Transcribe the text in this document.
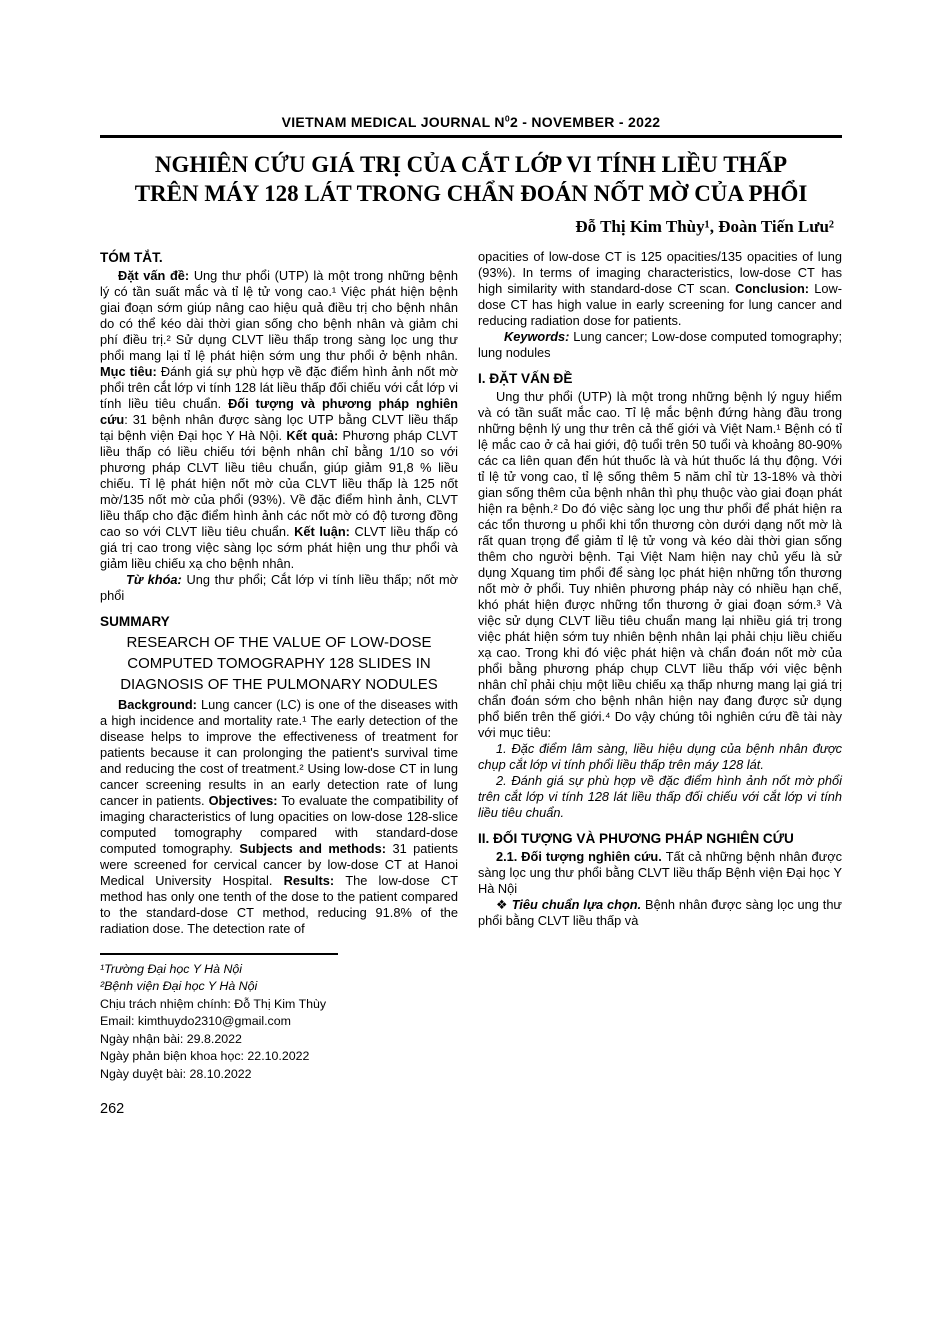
VIETNAM MEDICAL JOURNAL $N^02$ - NOVEMBER - 2022
NGHIÊN CỨU GIÁ TRỊ CỦA CẮT LỚP VI TÍNH LIỀU THẤP
TRÊN MÁY 128 LÁT TRONG CHẨN ĐOÁN NỐT MỜ CỦA PHỔI
Đỗ Thị Kim Thùy¹, Đoàn Tiến Lưu²
TÓM TẮT.

Đặt vấn đề: Ung thư phổi (UTP) là một trong những bệnh lý có tần suất mắc và tỉ lệ tử vong cao.¹ Việc phát hiện bệnh giai đoạn sớm giúp nâng cao hiệu quả điều trị cho bệnh nhân do có thể kéo dài thời gian sống cho bệnh nhân và giảm chi phí điều trị.² Sử dụng CLVT liều thấp trong sàng lọc ung thư phổi mang lại tỉ lệ phát hiện sớm ung thư phổi ở bệnh nhân. Mục tiêu: Đánh giá sự phù hợp về đặc điểm hình ảnh nốt mờ phổi trên cắt lớp vi tính 128 lát liều thấp đối chiếu với cắt lớp vi tính liều tiêu chuẩn. Đối tượng và phương pháp nghiên cứu: 31 bệnh nhân được sàng lọc UTP bằng CLVT liều thấp tại bệnh viện Đại học Y Hà Nội. Kết quả: Phương pháp CLVT liều thấp có liều chiếu tới bệnh nhân chỉ bằng 1/10 so với phương pháp CLVT liều tiêu chuẩn, giúp giảm 91,8 % liều chiếu. Tỉ lệ phát hiện nốt mờ của CLVT liều thấp là 125 nốt mờ/135 nốt mờ của phổi (93%). Về đặc điểm hình ảnh, CLVT liều thấp cho đặc điểm hình ảnh các nốt mờ có độ tương đồng cao so với CLVT liều tiêu chuẩn. Kết luận: CLVT liều thấp có giá trị cao trong việc sàng lọc sớm phát hiện ung thư phổi và giảm liều chiếu xạ cho bệnh nhân.

Từ khóa: Ung thư phổi; Cắt lớp vi tính liều thấp; nốt mờ phổi

SUMMARY
RESEARCH OF THE VALUE OF LOW-DOSE COMPUTED TOMOGRAPHY 128 SLIDES IN DIAGNOSIS OF THE PULMONARY NODULES

Background: Lung cancer (LC) is one of the diseases with a high incidence and mortality rate.¹ The early detection of the disease helps to improve the effectiveness of treatment for patients because it can prolonging the patient's survival time and reducing the cost of treatment.² Using low-dose CT in lung cancer screening results in an early detection rate of lung cancer in patients. Objectives: To evaluate the compatibility of imaging characteristics of lung opacities on low-dose 128-slice computed tomography compared with standard-dose computed tomography. Subjects and methods: 31 patients were screened for cervical cancer by low-dose CT at Hanoi Medical University Hospital. Results: The low-dose CT method has only one tenth of the dose to the patient compared to the standard-dose CT method, reducing 91.8% of the radiation dose. The detection rate of

¹Trường Đại học Y Hà Nội
²Bệnh viện Đại học Y Hà Nội
Chịu trách nhiệm chính: Đỗ Thị Kim Thùy
Email: kimthuydo2310@gmail.com
Ngày nhận bài: 29.8.2022
Ngày phản biện khoa học: 22.10.2022
Ngày duyệt bài: 28.10.2022

opacities of low-dose CT is 125 opacities/135 opacities of lung (93%). In terms of imaging characteristics, low-dose CT has high similarity with standard-dose CT scan. Conclusion: Low-dose CT has high value in early screening for lung cancer and reducing radiation dose for patients.

Keywords: Lung cancer; Low-dose computed tomography; lung nodules

I. ĐẶT VẤN ĐỀ

Ung thư phổi (UTP) là một trong những bệnh lý nguy hiểm và có tần suất mắc cao. Tỉ lệ mắc bệnh đứng hàng đầu trong những bệnh lý ung thư trên cả thế giới và Việt Nam.¹ Bệnh có tỉ lệ mắc cao ở cả hai giới, độ tuổi trên 50 tuổi và khoảng 80-90% các ca liên quan đến hút thuốc là và hút thuốc lá thụ động. Với tỉ lệ tử vong cao, tỉ lệ sống thêm 5 năm chỉ từ 13-18% và thời gian sống thêm của bệnh nhân thì phụ thuộc vào giai đoạn phát hiện ra bệnh.² Do đó việc sàng lọc ung thư phổi để phát hiện ra các tổn thương u phổi khi tổn thương còn dưới dạng nốt mờ là rất quan trọng để giảm tỉ lệ tử vong và kéo dài thời gian sống thêm cho người bệnh. Tại Việt Nam hiện nay chủ yếu là sử dụng Xquang tim phổi để sàng lọc phát hiện những tổn thương nốt mờ ở phổi. Tuy nhiên phương pháp này có nhiều hạn chế, khó phát hiện được những tổn thương ở giai đoạn sớm.³ Và việc sử dụng CLVT liều tiêu chuẩn mang lại nhiều giá trị trong việc phát hiện sớm tuy nhiên bệnh nhân lại phải chịu liều chiếu xạ cao. Trong khi đó việc phát hiện và chẩn đoán nốt mờ của phổi bằng phương pháp chụp CLVT liều thấp với việc bệnh nhân chỉ phải chịu một liều chiếu xạ thấp nhưng mang lại giá trị chẩn đoán sớm cho bệnh nhân hiện nay đang được sử dụng phổ biến trên thế giới.⁴ Do vậy chúng tôi nghiên cứu đề tài này với mục tiêu:

1. Đặc điểm lâm sàng, liều hiệu dụng của bệnh nhân được chụp cắt lớp vi tính phổi liều thấp trên máy 128 lát.

2. Đánh giá sự phù hợp về đặc điểm hình ảnh nốt mờ phổi trên cắt lớp vi tính 128 lát liều thấp đối chiếu với cắt lớp vi tính liều tiêu chuẩn.

II. ĐỐI TƯỢNG VÀ PHƯƠNG PHÁP NGHIÊN CỨU

2.1. Đối tượng nghiên cứu. Tất cả những bệnh nhân được sàng lọc ung thư phổi bằng CLVT liều thấp Bệnh viện Đại học Y Hà Nội

❖ Tiêu chuẩn lựa chọn. Bệnh nhân được sàng lọc ung thư phổi bằng CLVT liều thấp và

262
